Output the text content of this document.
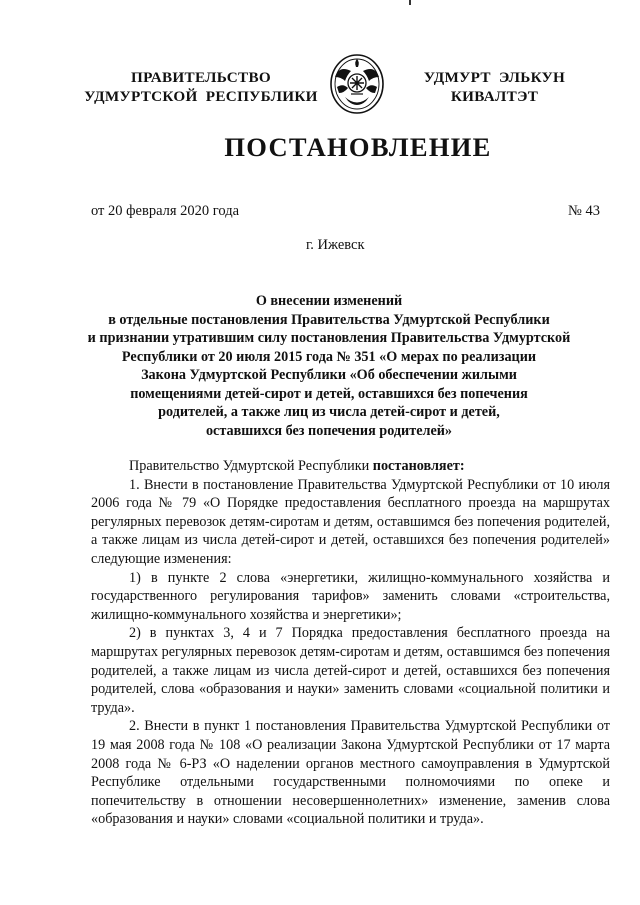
ПРАВИТЕЛЬСТВО
УДМУРТСКОЙ  РЕСПУБЛИКИ
УДМУРТ  ЭЛЬКУН
КИВАЛТЭТ
ПОСТАНОВЛЕНИЕ
от 20 февраля 2020 года	№ 43
г. Ижевск
О внесении изменений
в отдельные постановления Правительства Удмуртской Республики
и признании утратившим силу постановления Правительства Удмуртской
Республики от 20 июля 2015 года № 351 «О мерах по реализации
Закона Удмуртской Республики «Об обеспечении жилыми
помещениями детей-сирот и детей, оставшихся без попечения
родителей, а также лиц из числа детей-сирот и детей,
оставшихся без попечения родителей»

Правительство Удмуртской Республики постановляет:

1. Внести в постановление Правительства Удмуртской Республики от 10 июля 2006 года № 79 «О Порядке предоставления бесплатного проезда на маршрутах регулярных перевозок детям-сиротам и детям, оставшимся без попечения родителей, а также лицам из числа детей-сирот и детей, оставшихся без попечения родителей» следующие изменения:

1) в пункте 2 слова «энергетики, жилищно-коммунального хозяйства и государственного регулирования тарифов» заменить словами «строительства, жилищно-коммунального хозяйства и энергетики»;

2) в пунктах 3, 4 и 7 Порядка предоставления бесплатного проезда на маршрутах регулярных перевозок детям-сиротам и детям, оставшимся без попечения родителей, а также лицам из числа детей-сирот и детей, оставшихся без попечения родителей, слова «образования и науки» заменить словами «социальной политики и труда».

2. Внести в пункт 1 постановления Правительства Удмуртской Республики от 19 мая 2008 года № 108 «О реализации Закона Удмуртской Республики от 17 марта 2008 года № 6-РЗ «О наделении органов местного самоуправления в Удмуртской Республике отдельными государственными полномочиями по опеке и попечительству в отношении несовершеннолетних» изменение, заменив слова «образования и науки» словами «социальной политики и труда».
